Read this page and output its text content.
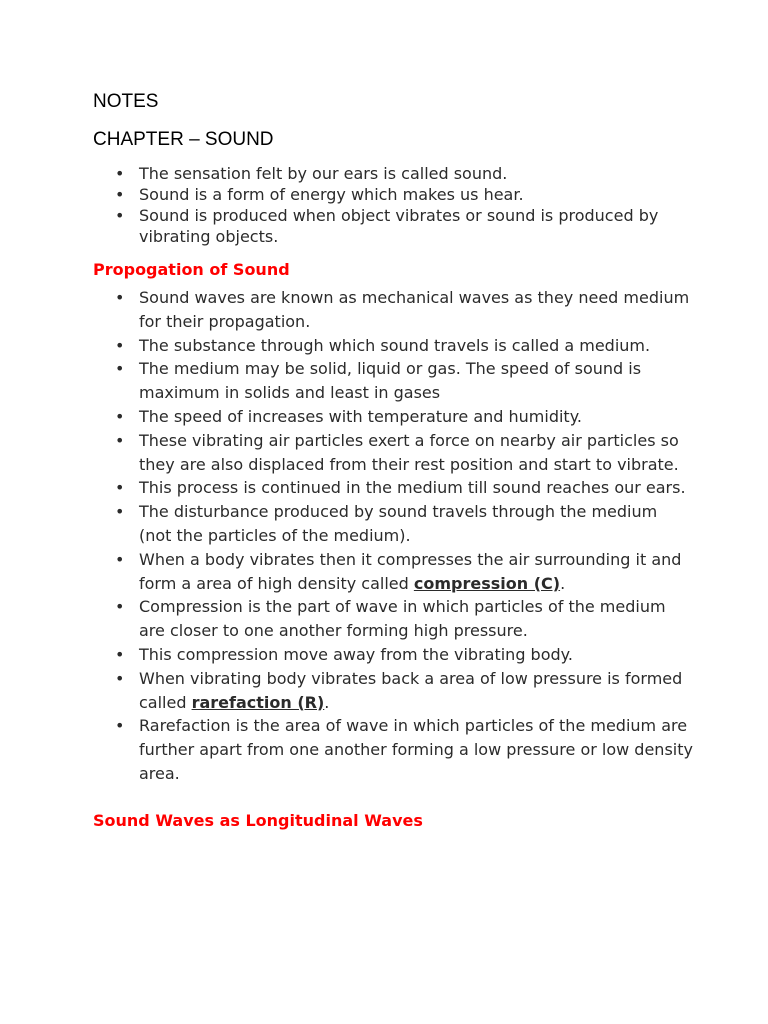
NOTES
CHAPTER – SOUND
• The sensation felt by our ears is called sound.
• Sound is a form of energy which makes us hear.
• Sound is produced when object vibrates or sound is produced by vibrating objects.

Propogation of Sound

• Sound waves are known as mechanical waves as they need medium for their propagation.
• The substance through which sound travels is called a medium.
• The medium may be solid, liquid or gas. The speed of sound is maximum in solids and least in gases
• The speed of increases with temperature and humidity.
• These vibrating air particles exert a force on nearby air particles so they are also displaced from their rest position and start to vibrate.
• This process is continued in the medium till sound reaches our ears.
• The disturbance produced by sound travels through the medium (not the particles of the medium).
• When a body vibrates then it compresses the air surrounding it and form a area of high density called compression (C).
• Compression is the part of wave in which particles of the medium are closer to one another forming high pressure.
• This compression move away from the vibrating body.
• When vibrating body vibrates back a area of low pressure is formed called rarefaction (R).
• Rarefaction is the area of wave in which particles of the medium are further apart from one another forming a low pressure or low density area.

Sound Waves as Longitudinal Waves
